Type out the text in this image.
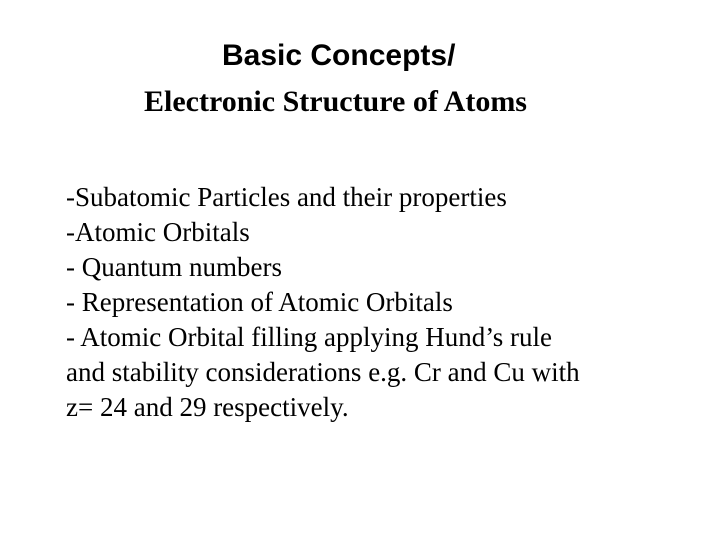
Basic Concepts/
Electronic Structure of Atoms
-Subatomic Particles and their properties
-Atomic Orbitals
- Quantum numbers
- Representation of Atomic Orbitals
- Atomic Orbital filling applying Hund’s rule
and stability considerations e.g. Cr and Cu with
z= 24 and 29 respectively.
